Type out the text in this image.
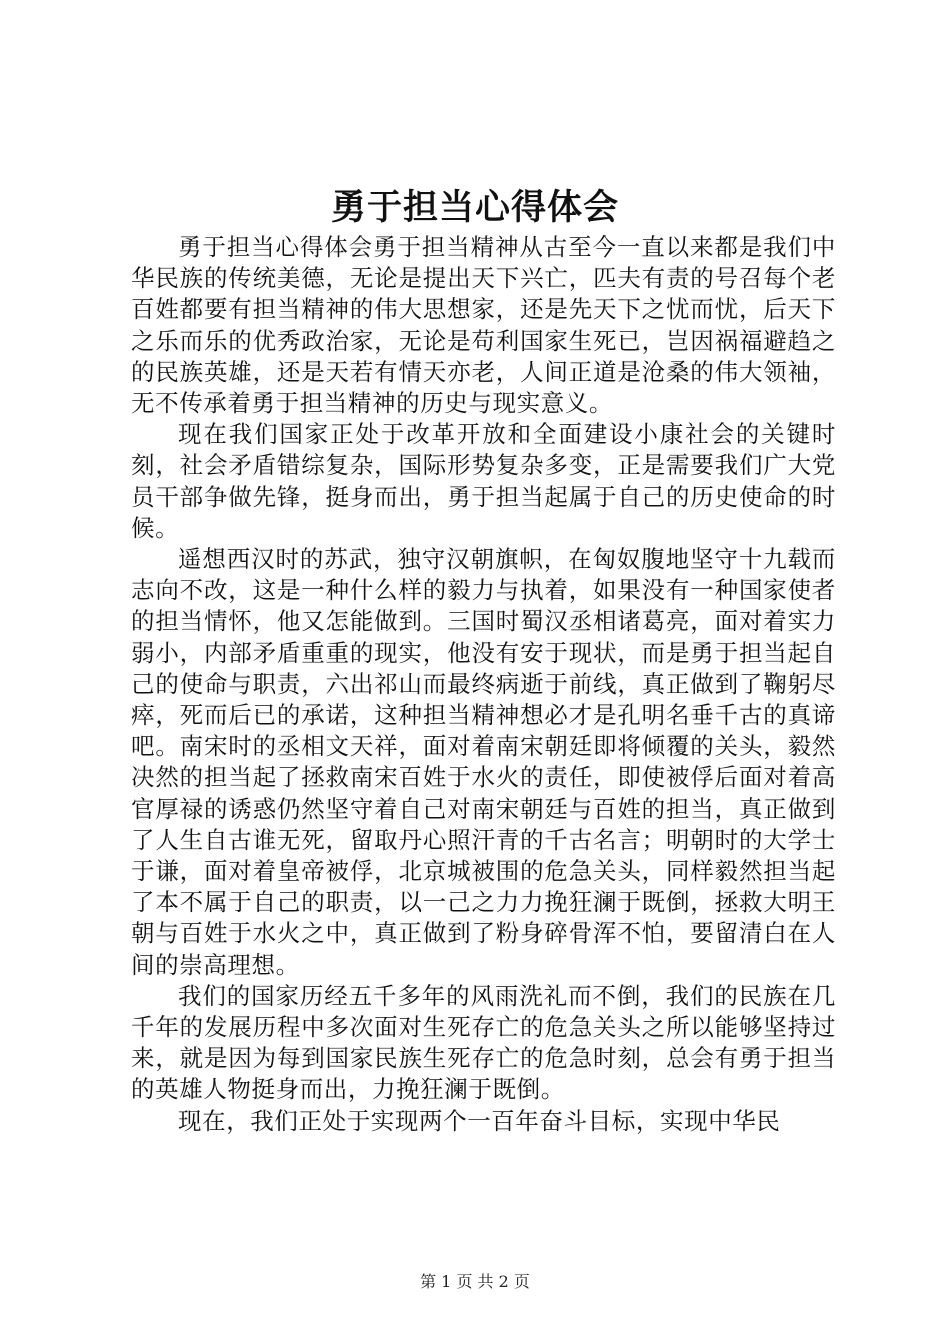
勇于担当心得体会

勇于担当心得体会勇于担当精神从古至今一直以来都是我们中华民族的传统美德，无论是提出天下兴亡，匹夫有责的号召每个老百姓都要有担当精神的伟大思想家，还是先天下之忧而忧，后天下之乐而乐的优秀政治家，无论是苟利国家生死已，岂因祸福避趋之的民族英雄，还是天若有情天亦老，人间正道是沧桑的伟大领袖，无不传承着勇于担当精神的历史与现实意义。

现在我们国家正处于改革开放和全面建设小康社会的关键时刻，社会矛盾错综复杂，国际形势复杂多变，正是需要我们广大党员干部争做先锋，挺身而出，勇于担当起属于自己的历史使命的时候。

遥想西汉时的苏武，独守汉朝旗帜，在匈奴腹地坚守十九载而志向不改，这是一种什么样的毅力与执着，如果没有一种国家使者的担当情怀，他又怎能做到。三国时蜀汉丞相诸葛亮，面对着实力弱小，内部矛盾重重的现实，他没有安于现状，而是勇于担当起自己的使命与职责，六出祁山而最终病逝于前线，真正做到了鞠躬尽瘁，死而后已的承诺，这种担当精神想必才是孔明名垂千古的真谛吧。南宋时的丞相文天祥，面对着南宋朝廷即将倾覆的关头，毅然决然的担当起了拯救南宋百姓于水火的责任，即使被俘后面对着高官厚禄的诱惑仍然坚守着自己对南宋朝廷与百姓的担当，真正做到了人生自古谁无死，留取丹心照汗青的千古名言；明朝时的大学士于谦，面对着皇帝被俘，北京城被围的危急关头，同样毅然担当起了本不属于自己的职责，以一己之力力挽狂澜于既倒，拯救大明王朝与百姓于水火之中，真正做到了粉身碎骨浑不怕，要留清白在人间的崇高理想。

我们的国家历经五千多年的风雨洗礼而不倒，我们的民族在几千年的发展历程中多次面对生死存亡的危急关头之所以能够坚持过来，就是因为每到国家民族生死存亡的危急时刻，总会有勇于担当的英雄人物挺身而出，力挽狂澜于既倒。

现在，我们正处于实现两个一百年奋斗目标，实现中华民

第 1 页 共 2 页
